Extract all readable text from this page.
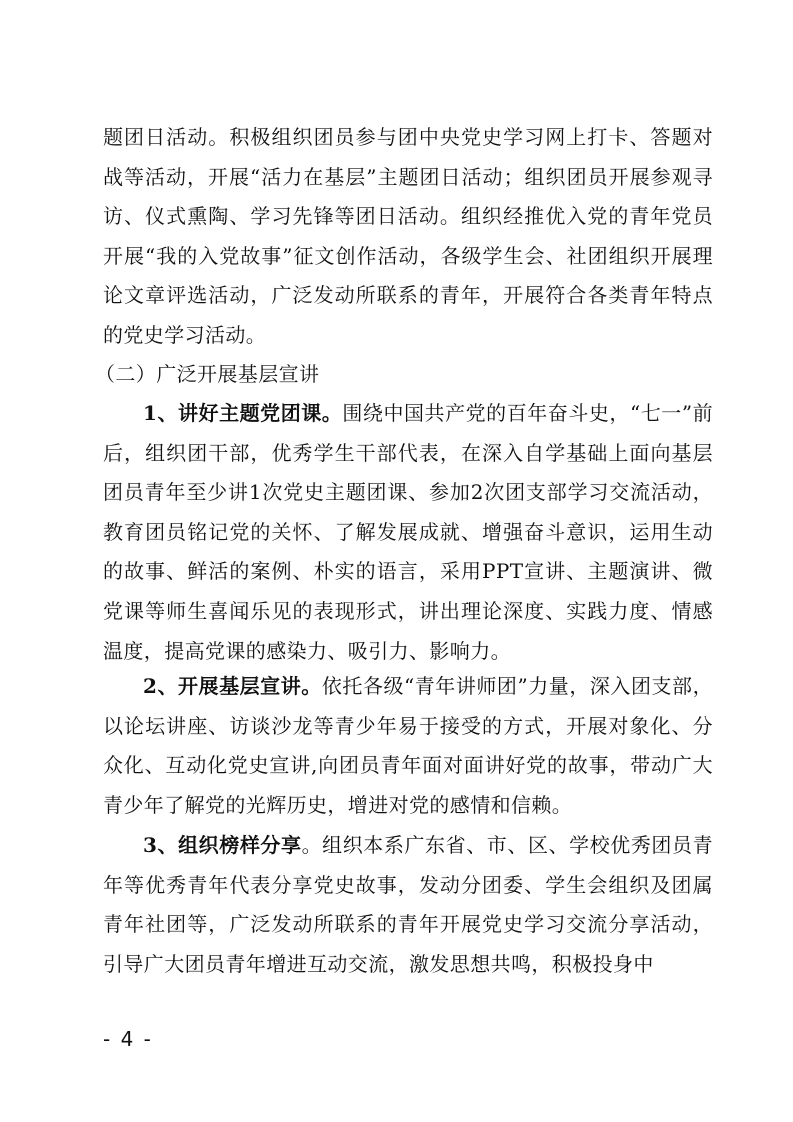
题团日活动。积极组织团员参与团中央党史学习网上打卡、答题对战等活动，开展“活力在基层”主题团日活动；组织团员开展参观寻访、仪式熏陶、学习先锋等团日活动。组织经推优入党的青年党员开展“我的入党故事”征文创作活动，各级学生会、社团组织开展理论文章评选活动，广泛发动所联系的青年，开展符合各类青年特点的党史学习活动。

（二）广泛开展基层宣讲

1、讲好主题党团课。围绕中国共产党的百年奋斗史，“七一”前后，组织团干部，优秀学生干部代表，在深入自学基础上面向基层团员青年至少讲1次党史主题团课、参加2次团支部学习交流活动，教育团员铭记党的关怀、了解发展成就、增强奋斗意识，运用生动的故事、鲜活的案例、朴实的语言，采用PPT宣讲、主题演讲、微党课等师生喜闻乐见的表现形式，讲出理论深度、实践力度、情感温度，提高党课的感染力、吸引力、影响力。

2、开展基层宣讲。依托各级“青年讲师团”力量，深入团支部，以论坛讲座、访谈沙龙等青少年易于接受的方式，开展对象化、分众化、互动化党史宣讲,向团员青年面对面讲好党的故事，带动广大青少年了解党的光辉历史，增进对党的感情和信赖。

3、组织榜样分享。组织本系广东省、市、区、学校优秀团员青年等优秀青年代表分享党史故事，发动分团委、学生会组织及团属青年社团等，广泛发动所联系的青年开展党史学习交流分享活动，引导广大团员青年增进互动交流，激发思想共鸣，积极投身中

- 4 -
